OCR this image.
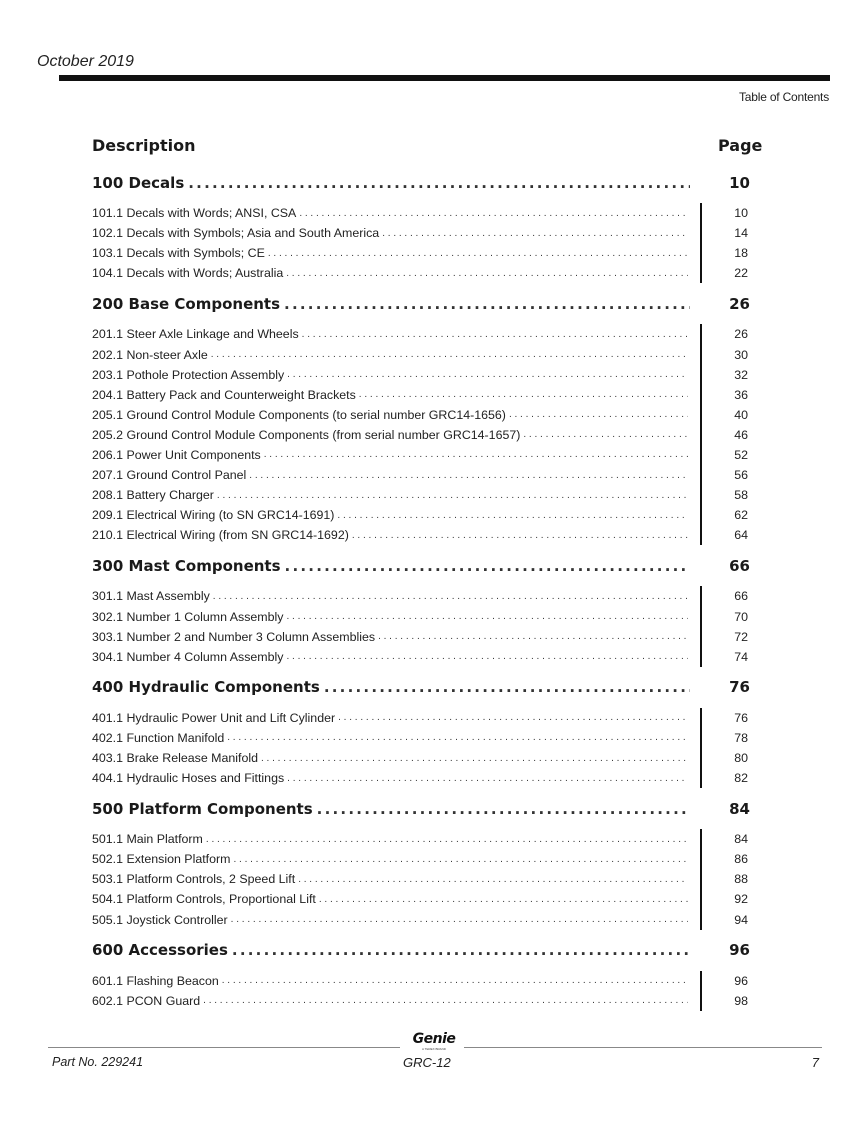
October 2019
Table of Contents
Description	Page
100 Decals . . .	10
101.1 Decals with Words; ANSI, CSA . . .	10
102.1 Decals with Symbols; Asia and South America . . .	14
103.1 Decals with Symbols; CE . . .	18
104.1 Decals with Words; Australia . . .	22
200 Base Components . . .	26
201.1 Steer Axle Linkage and Wheels . . .	26
202.1 Non-steer Axle . . .	30
203.1 Pothole Protection Assembly . . .	32
204.1 Battery Pack and Counterweight Brackets . . .	36
205.1 Ground Control Module Components (to serial number GRC14-1656) . . .	40
205.2 Ground Control Module Components (from serial number GRC14-1657) . . .	46
206.1 Power Unit Components . . .	52
207.1 Ground Control Panel . . .	56
208.1 Battery Charger . . .	58
209.1 Electrical Wiring (to SN GRC14-1691) . . .	62
210.1 Electrical Wiring (from SN GRC14-1692) . . .	64
300 Mast Components . . .	66
301.1 Mast Assembly . . .	66
302.1 Number 1 Column Assembly . . .	70
303.1 Number 2 and Number 3 Column Assemblies . . .	72
304.1 Number 4 Column Assembly . . .	74
400 Hydraulic Components . . .	76
401.1 Hydraulic Power Unit and Lift Cylinder . . .	76
402.1 Function Manifold . . .	78
403.1 Brake Release Manifold . . .	80
404.1 Hydraulic Hoses and Fittings . . .	82
500 Platform Components . . .	84
501.1 Main Platform . . .	84
502.1 Extension Platform . . .	86
503.1 Platform Controls, 2 Speed Lift . . .	88
504.1 Platform Controls, Proportional Lift . . .	92
505.1 Joystick Controller . . .	94
600 Accessories . . .	96
601.1 Flashing Beacon . . .	96
602.1 PCON Guard . . .	98
Genie
A TEREX BRAND
Part No. 229241	GRC-12	7
